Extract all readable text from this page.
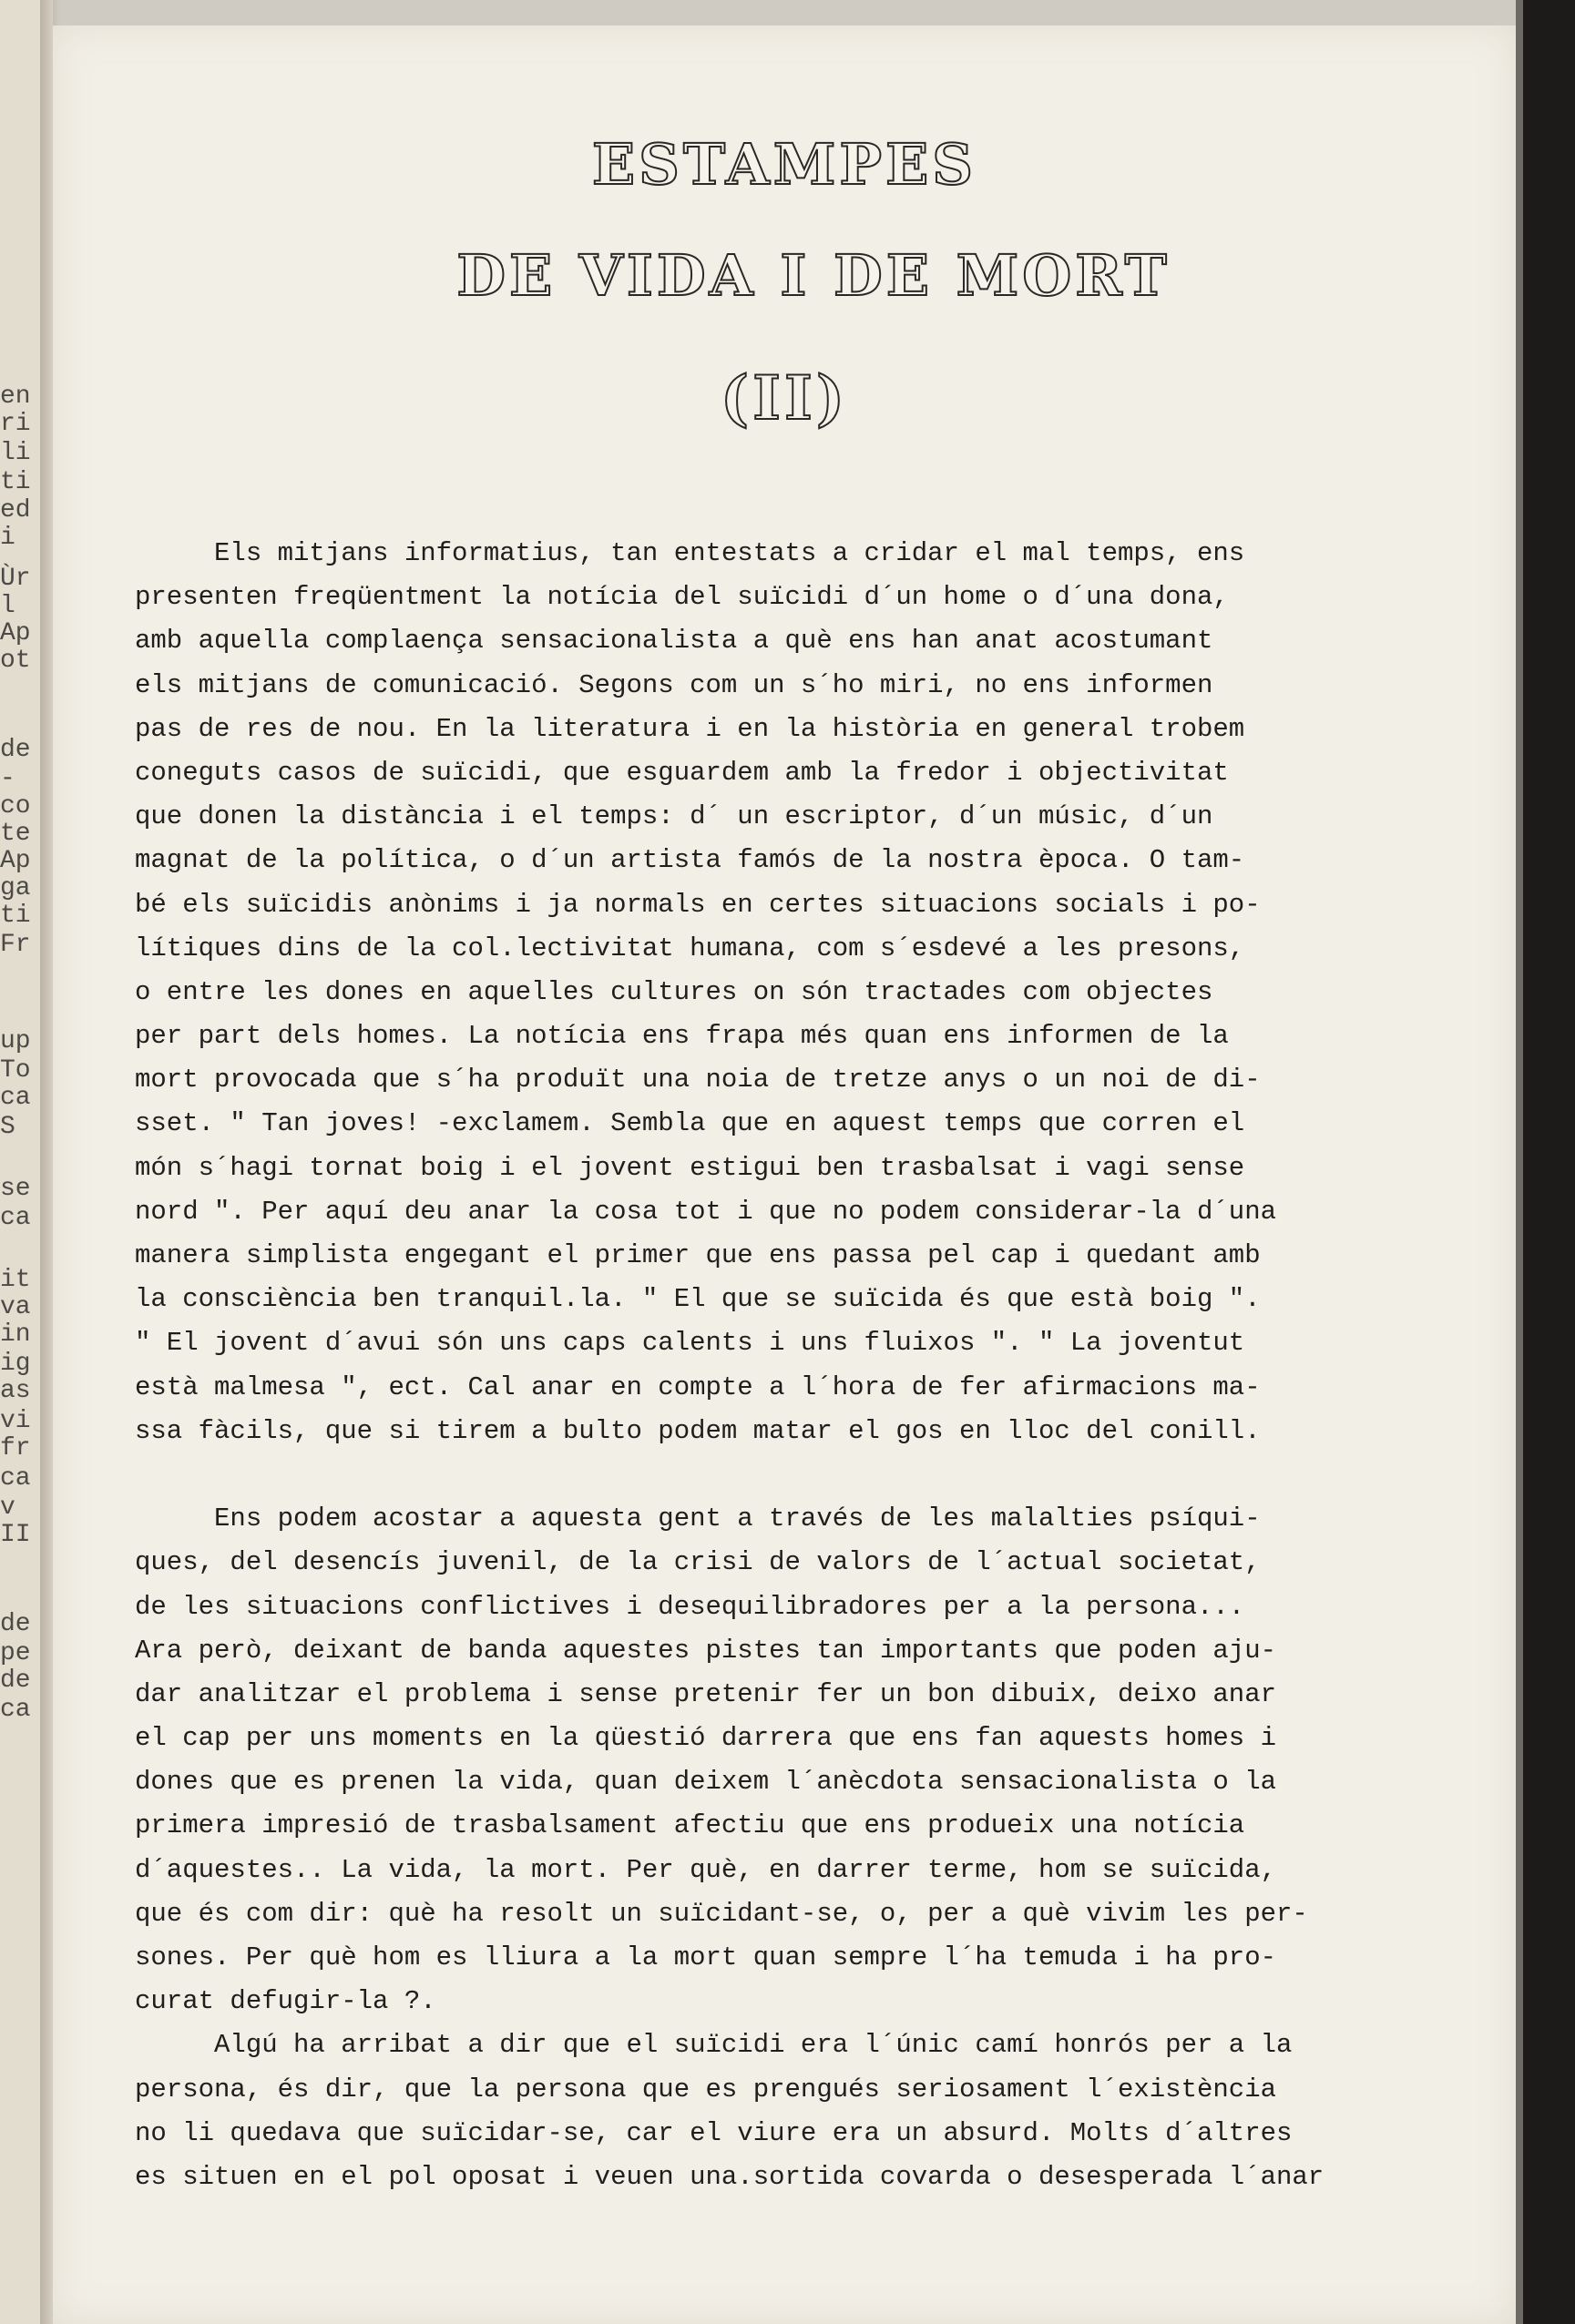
en
ri
li
ti
ed
i
Ùr
l
Ap
ot
de
-
co
te
Ap
ga
ti
Fr
up
To
ca
S
se
ca
it
va
in
ig
as
vi
fr
ca
v
II
de
pe
de
ca
ESTAMPES
DE VIDA I DE MORT
(II)
Els mitjans informatius, tan entestats a cridar el mal temps, ens
presenten freqüentment la notícia del suïcidi d´un home o d´una dona,
amb aquella complaença sensacionalista a què ens han anat acostumant
els mitjans de comunicació. Segons com un s´ho miri, no ens informen
pas de res de nou. En la literatura i en la història en general trobem
coneguts casos de suïcidi, que esguardem amb la fredor i objectivitat
que donen la distància i el temps: d´ un escriptor, d´un músic, d´un
magnat de la política, o d´un artista famós de la nostra època. O tam-
bé els suïcidis anònims i ja normals en certes situacions socials i po-
lítiques dins de la col.lectivitat humana, com s´esdevé a les presons,
o entre les dones en aquelles cultures on són tractades com objectes
per part dels homes. La notícia ens frapa més quan ens informen de la
mort provocada que s´ha produït una noia de tretze anys o un noi de di-
sset. " Tan joves! -exclamem. Sembla que en aquest temps que corren el
món s´hagi tornat boig i el jovent estigui ben trasbalsat i vagi sense
nord ". Per aquí deu anar la cosa tot i que no podem considerar-la d´una
manera simplista engegant el primer que ens passa pel cap i quedant amb
la consciència ben tranquil.la. " El que se suïcida és que està boig ".
" El jovent d´avui són uns caps calents i uns fluixos ". " La joventut
està malmesa ", ect. Cal anar en compte a l´hora de fer afirmacions ma-
ssa fàcils, que si tirem a bulto podem matar el gos en lloc del conill.
Ens podem acostar a aquesta gent a través de les malalties psíqui-
ques, del desencís juvenil, de la crisi de valors de l´actual societat,
de les situacions conflictives i desequilibradores per a la persona...
Ara però, deixant de banda aquestes pistes tan importants que poden aju-
dar analitzar el problema i sense pretenir fer un bon dibuix, deixo anar
el cap per uns moments en la qüestió darrera que ens fan aquests homes i
dones que es prenen la vida, quan deixem l´anècdota sensacionalista o la
primera impresió de trasbalsament afectiu que ens produeix una notícia
d´aquestes.. La vida, la mort. Per què, en darrer terme, hom se suïcida,
que és com dir: què ha resolt un suïcidant-se, o, per a què vivim les per-
sones. Per què hom es lliura a la mort quan sempre l´ha temuda i ha pro-
curat defugir-la ?.
Algú ha arribat a dir que el suïcidi era l´únic camí honrós per a la
persona, és dir, que la persona que es prengués seriosament l´existència
no li quedava que suïcidar-se, car el viure era un absurd. Molts d´altres
es situen en el pol oposat i veuen una.sortida covarda o desesperada l´anar
